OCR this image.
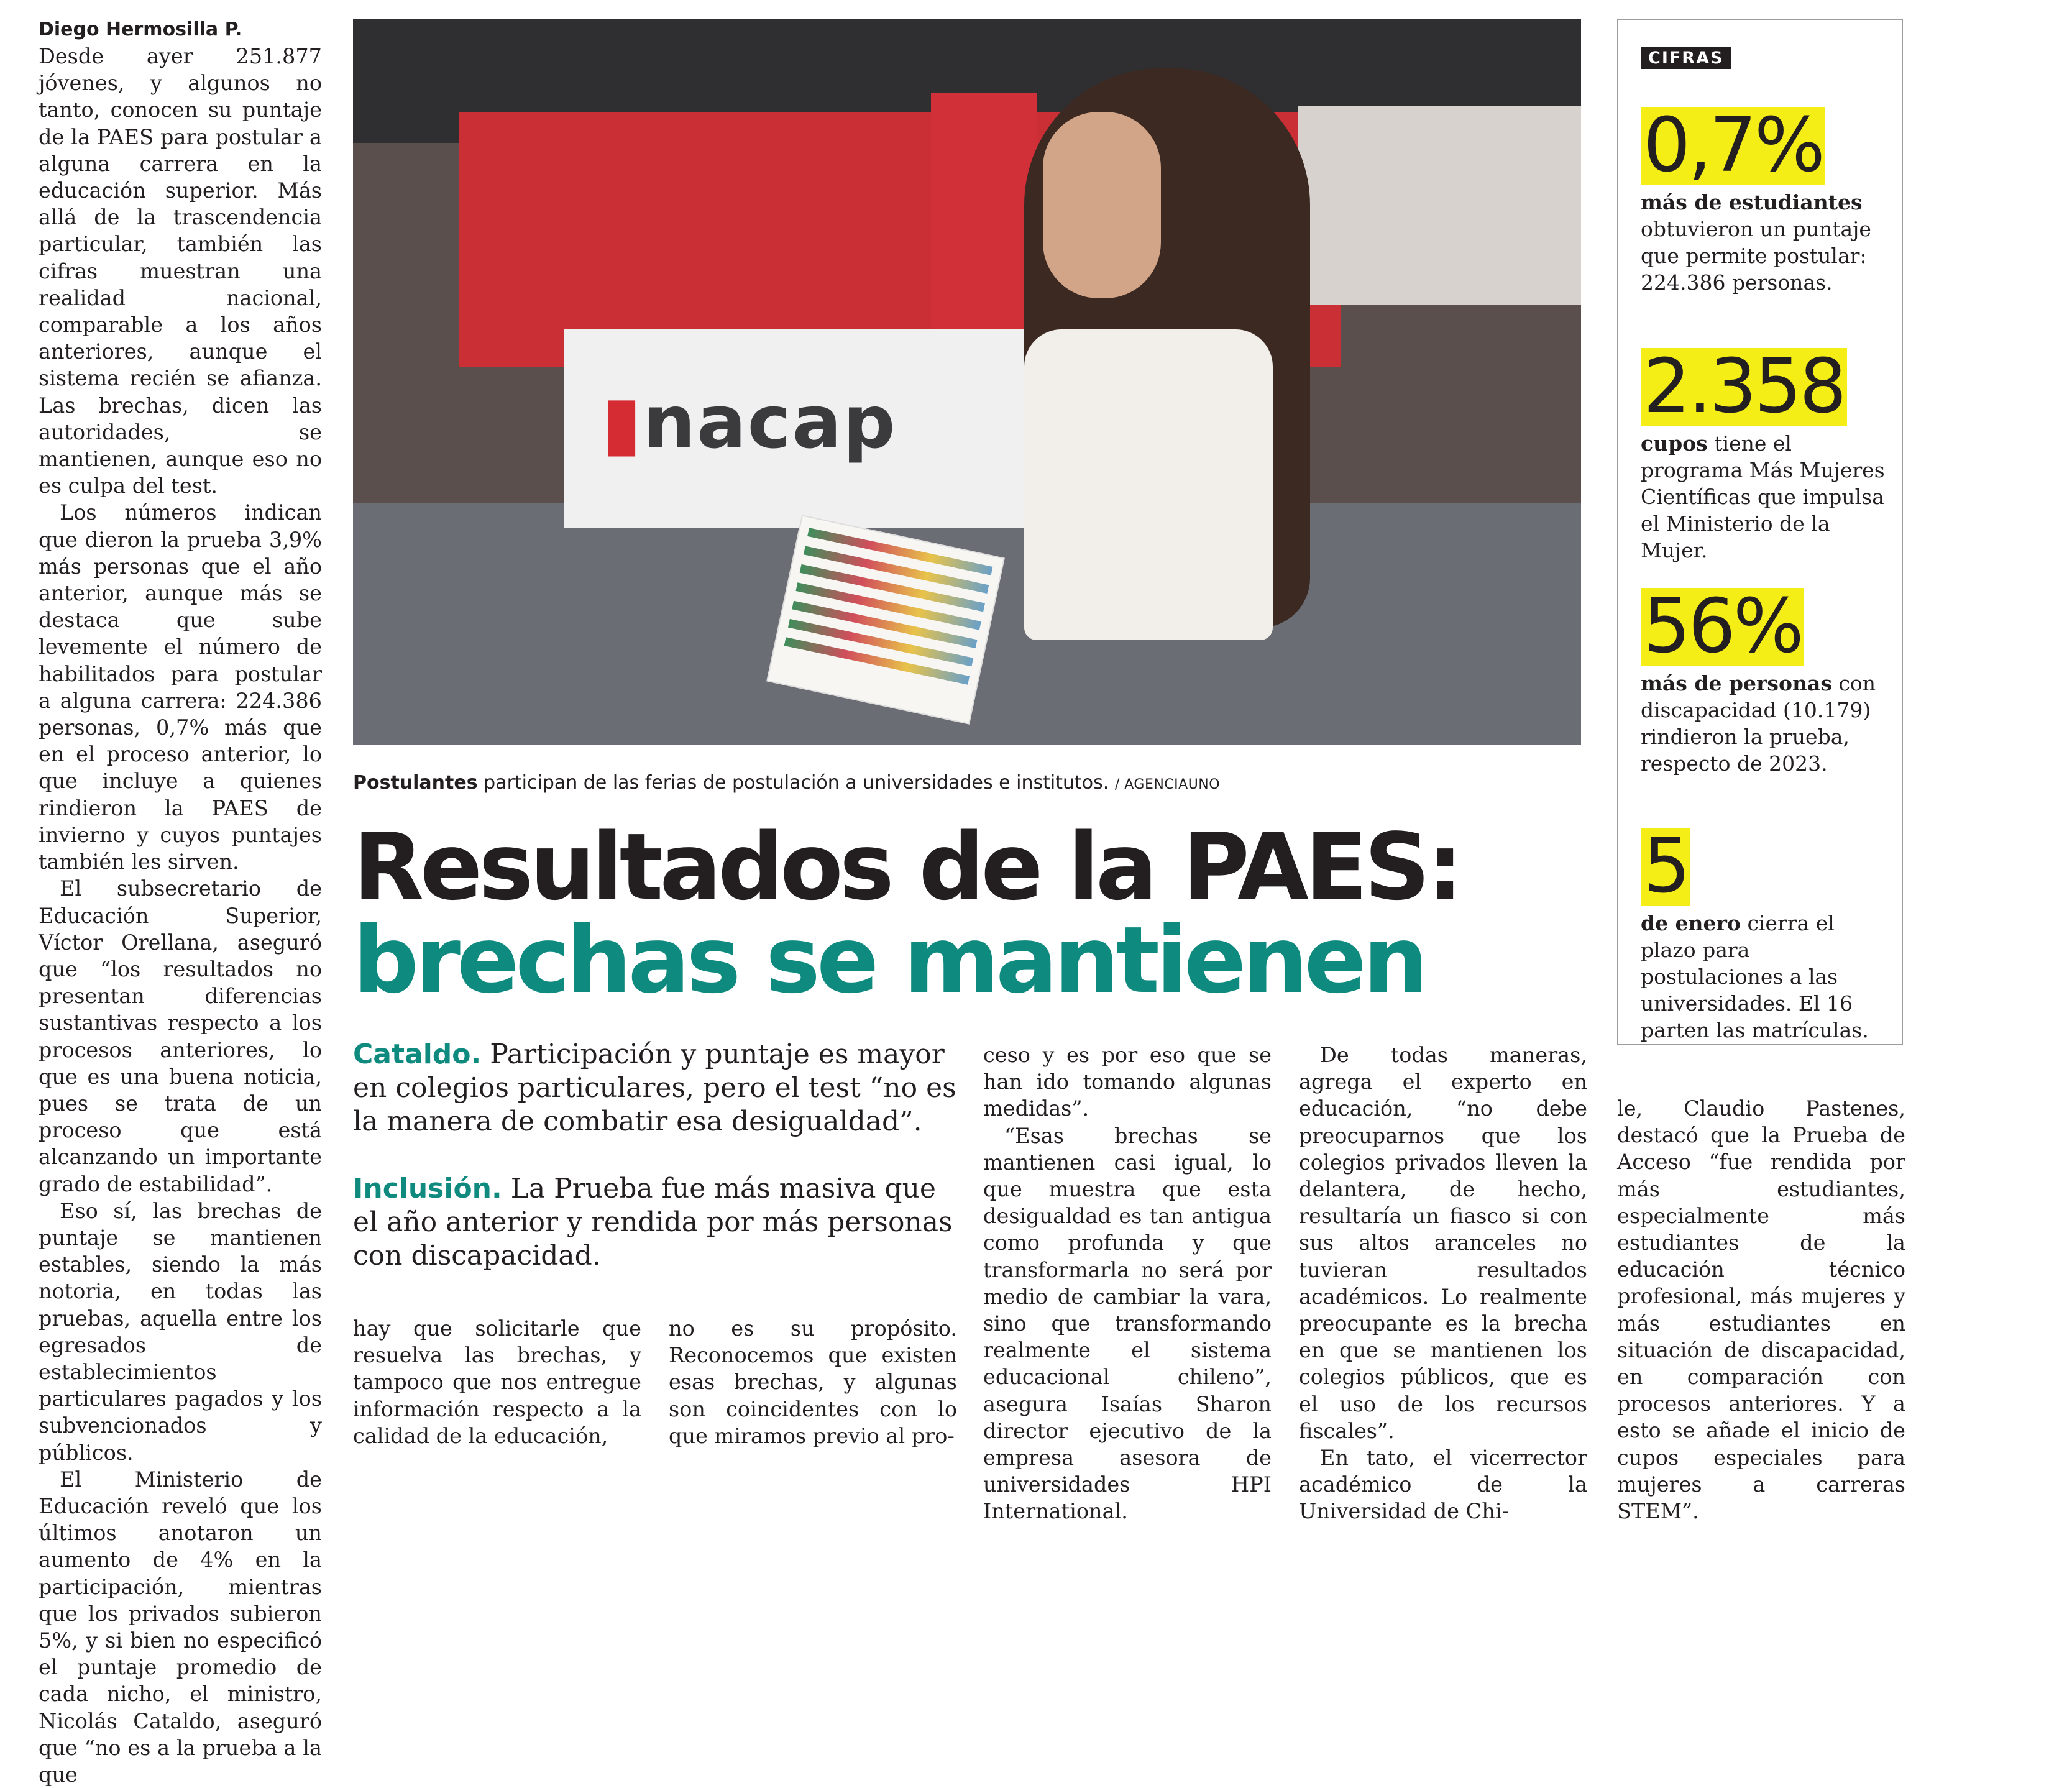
Diego Hermosilla P.

Desde ayer 251.877 jóvenes, y algunos no tanto, conocen su puntaje de la PAES para postular a alguna carrera en la educación superior. Más allá de la trascendencia particular, también las cifras muestran una realidad nacional, comparable a los años anteriores, aunque el sistema recién se afianza. Las brechas, dicen las autoridades, se mantienen, aunque eso no es culpa del test.

Los números indican que dieron la prueba 3,9% más personas que el año anterior, aunque más se destaca que sube levemente el número de habilitados para postular a alguna carrera: 224.386 personas, 0,7% más que en el proceso anterior, lo que incluye a quienes rindieron la PAES de invierno y cuyos puntajes también les sirven.

El subsecretario de Educación Superior, Víctor Orellana, aseguró que “los resultados no presentan diferencias sustantivas respecto a los procesos anteriores, lo que es una buena noticia, pues se trata de un proceso que está alcanzando un importante grado de estabilidad”.

Eso sí, las brechas de puntaje se mantienen estables, siendo la más notoria, en todas las pruebas, aquella entre los egresados de establecimientos particulares pagados y los subvencionados y públicos.

El Ministerio de Educación reveló que los últimos anotaron un aumento de 4% en la participación, mientras que los privados subieron 5%, y si bien no especificó el puntaje promedio de cada nicho, el ministro, Nicolás Cataldo, aseguró que “no es a la prueba a la que

▮nacap
Postulantes participan de las ferias de postulación a universidades e institutos. / AGENCIAUNO
Resultados de la PAES:
brechas se mantienen
Cataldo. Participación y puntaje es mayor en colegios particulares, pero el test “no es la manera de combatir esa desigualdad”.
Inclusión. La Prueba fue más masiva que el año anterior y rendida por más personas con discapacidad.

hay que solicitarle que resuelva las brechas, y tampoco que nos entregue información respecto a la calidad de la educación,

no es su propósito. Reconocemos que existen esas brechas, y algunas son coincidentes con lo que miramos previo al pro-

ceso y es por eso que se han ido tomando algunas medidas”.

“Esas brechas se mantienen casi igual, lo que muestra que esta desigualdad es tan antigua como profunda y que transformarla no será por medio de cambiar la vara, sino que transformando realmente el sistema educacional chileno”, asegura Isaías Sharon director ejecutivo de la empresa asesora de universidades HPI International.

De todas maneras, agrega el experto en educación, “no debe preocuparnos que los colegios privados lleven la delantera, de hecho, resultaría un fiasco si con sus altos aranceles no tuvieran resultados académicos. Lo realmente preocupante es la brecha en que se mantienen los colegios públicos, que es el uso de los recursos fiscales”.

En tato, el vicerrector académico de la Universidad de Chi-

le, Claudio Pastenes, destacó que la Prueba de Acceso “fue rendida por más estudiantes, especialmente más estudiantes de la educación técnico profesional, más mujeres y más estudiantes en situación de discapacidad, en comparación con procesos anteriores. Y a esto se añade el inicio de cupos especiales para mujeres a carreras STEM”.

CIFRAS
0,7%
más de estudiantes obtuvieron un puntaje que permite postular: 224.386 personas.
2.358
cupos tiene el programa Más Mujeres Científicas que impulsa el Ministerio de la Mujer.
56%
más de personas con discapacidad (10.179) rindieron la prueba, respecto de 2023.
5
de enero cierra el plazo para postulaciones a las universidades. El 16 parten las matrículas.
